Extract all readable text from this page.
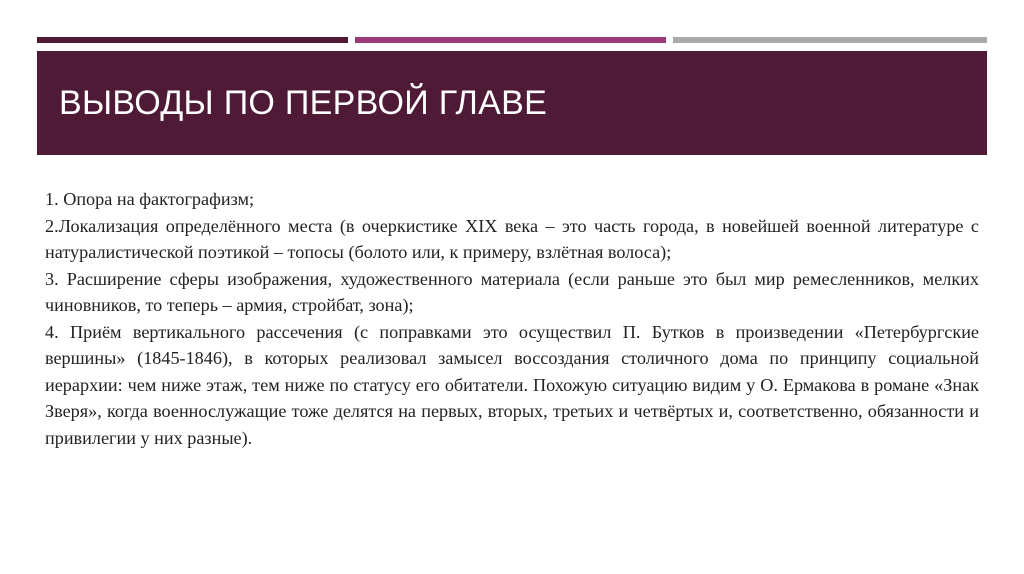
ВЫВОДЫ ПО ПЕРВОЙ ГЛАВЕ

1. Опора на фактографизм;

2.Локализация определённого места (в очеркистике XIX века – это часть города, в новейшей военной литературе с натуралистической поэтикой – топосы (болото или, к примеру, взлётная волоса);

3. Расширение сферы изображения, художественного материала (если раньше это был мир ремесленников, мелких чиновников, то теперь – армия, стройбат, зона);

4. Приём вертикального рассечения (с поправками это осуществил П. Бутков в произведении «Петербургские вершины» (1845-1846), в которых реализовал замысел воссоздания столичного дома по принципу социальной иерархии: чем ниже этаж, тем ниже по статусу его обитатели. Похожую ситуацию видим у О. Ермакова в романе «Знак Зверя», когда военнослужащие тоже делятся на первых, вторых, третьих и четвёртых и, соответственно, обязанности и привилегии у них разные).
